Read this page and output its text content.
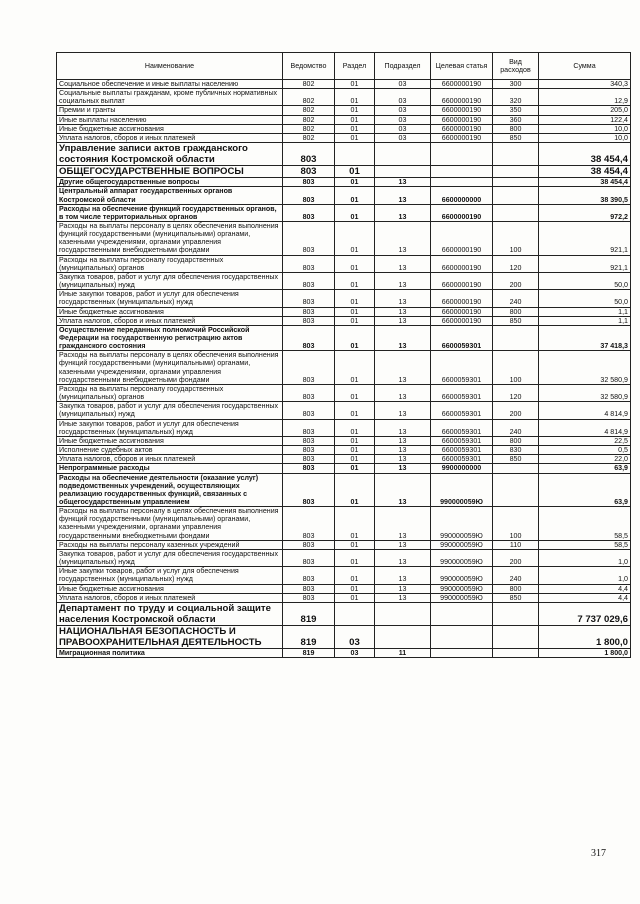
Наименование	Ведомство	Раздел	Подраздел	Целевая статья	Вид расходов	Сумма
Социальное обеспечение и иные выплаты населению	802	01	03	6600000190	300	340,3
Социальные выплаты гражданам, кроме публичных нормативных социальных выплат	802	01	03	6600000190	320	12,9
Премии и гранты	802	01	03	6600000190	350	205,0
Иные выплаты населению	802	01	03	6600000190	360	122,4
Иные бюджетные ассигнования	802	01	03	6600000190	800	10,0
Уплата налогов, сборов и иных платежей	802	01	03	6600000190	850	10,0
Управление записи актов гражданского состояния Костромской области	803					38 454,4
ОБЩЕГОСУДАРСТВЕННЫЕ ВОПРОСЫ	803	01				38 454,4
Другие общегосударственные вопросы	803	01	13			38 454,4
Центральный аппарат государственных органов Костромской области	803	01	13	6600000000		38 390,5
Расходы на обеспечение функций государственных органов, в том числе территориальных органов	803	01	13	6600000190		972,2
Расходы на выплаты персоналу в целях обеспечения выполнения функций государственными (муниципальными) органами, казенными учреждениями, органами управления государственными внебюджетными фондами	803	01	13	6600000190	100	921,1
Расходы на выплаты персоналу государственных (муниципальных) органов	803	01	13	6600000190	120	921,1
Закупка товаров, работ и услуг для обеспечения государственных (муниципальных) нужд	803	01	13	6600000190	200	50,0
Иные закупки товаров, работ и услуг для обеспечения государственных (муниципальных) нужд	803	01	13	6600000190	240	50,0
Иные бюджетные ассигнования	803	01	13	6600000190	800	1,1
Уплата налогов, сборов и иных платежей	803	01	13	6600000190	850	1,1
Осуществление переданных полномочий Российской Федерации на государственную регистрацию актов гражданского состояния	803	01	13	6600059301		37 418,3
Расходы на выплаты персоналу в целях обеспечения выполнения функций государственными (муниципальными) органами, казенными учреждениями, органами управления государственными внебюджетными фондами	803	01	13	6600059301	100	32 580,9
Расходы на выплаты персоналу государственных (муниципальных) органов	803	01	13	6600059301	120	32 580,9
Закупка товаров, работ и услуг для обеспечения государственных (муниципальных) нужд	803	01	13	6600059301	200	4 814,9
Иные закупки товаров, работ и услуг для обеспечения государственных (муниципальных) нужд	803	01	13	6600059301	240	4 814,9
Иные бюджетные ассигнования	803	01	13	6600059301	800	22,5
Исполнение судебных актов	803	01	13	6600059301	830	0,5
Уплата налогов, сборов и иных платежей	803	01	13	6600059301	850	22,0
Непрограммные расходы	803	01	13	9900000000		63,9
Расходы на обеспечение деятельности (оказание услуг) подведомственных учреждений, осуществляющих реализацию государственных функций, связанных с общегосударственным управлением	803	01	13	990000059Ю		63,9
Расходы на выплаты персоналу в целях обеспечения выполнения функций государственными (муниципальными) органами, казенными учреждениями, органами управления государственными внебюджетными фондами	803	01	13	990000059Ю	100	58,5
Расходы на выплаты персоналу казенных учреждений	803	01	13	990000059Ю	110	58,5
Закупка товаров, работ и услуг для обеспечения государственных (муниципальных) нужд	803	01	13	990000059Ю	200	1,0
Иные закупки товаров, работ и услуг для обеспечения государственных (муниципальных) нужд	803	01	13	990000059Ю	240	1,0
Иные бюджетные ассигнования	803	01	13	990000059Ю	800	4,4
Уплата налогов, сборов и иных платежей	803	01	13	990000059Ю	850	4,4
Департамент по труду и социальной защите населения Костромской области	819					7 737 029,6
НАЦИОНАЛЬНАЯ БЕЗОПАСНОСТЬ И ПРАВООХРАНИТЕЛЬНАЯ ДЕЯТЕЛЬНОСТЬ	819	03				1 800,0
Миграционная политика	819	03	11			1 800,0
317
